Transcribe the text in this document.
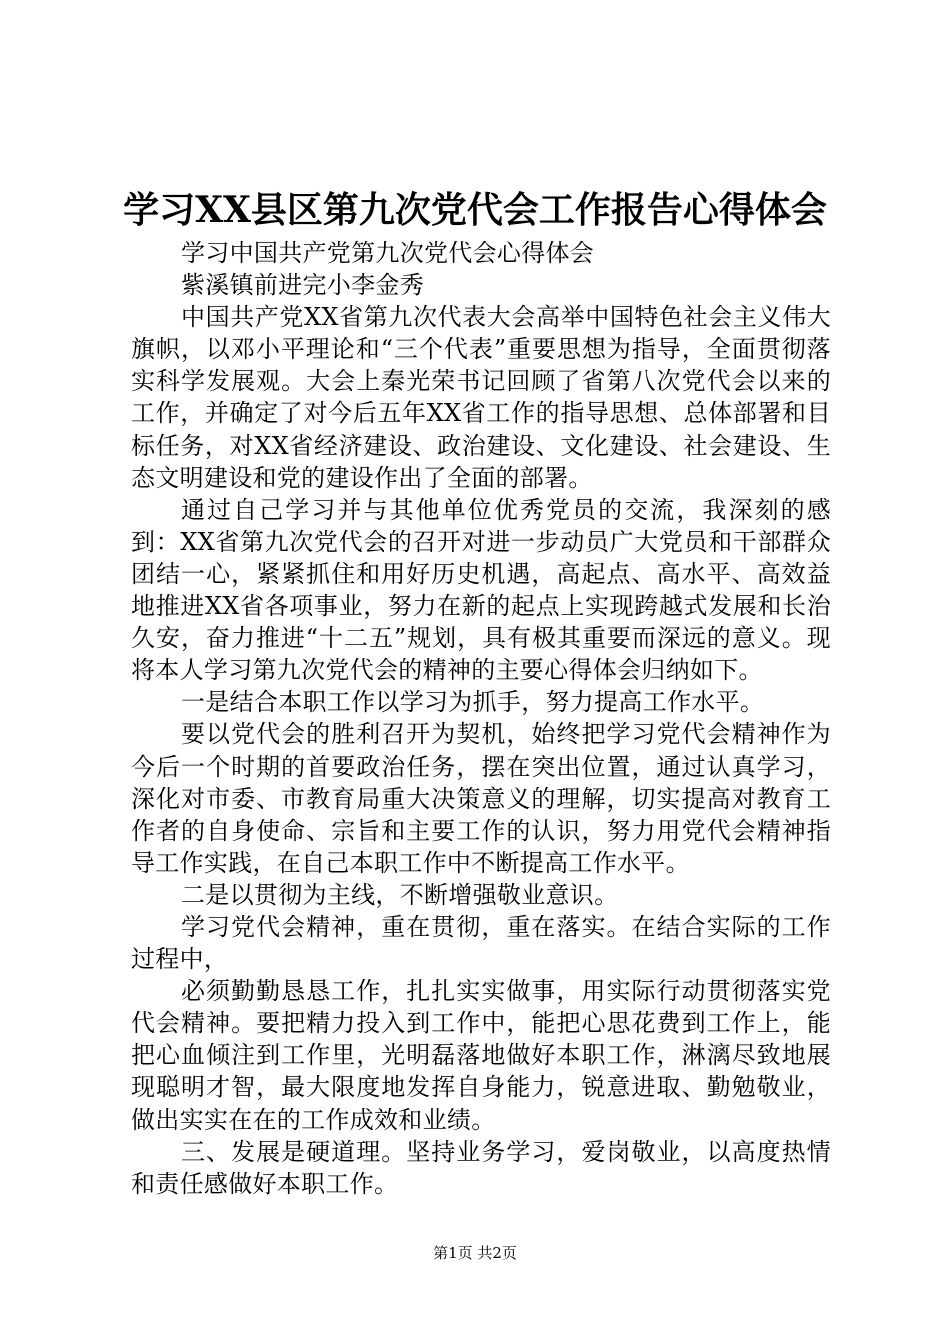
学习XX县区第九次党代会工作报告心得体会

学习中国共产党第九次党代会心得体会

紫溪镇前进完小李金秀

中国共产党XX省第九次代表大会高举中国特色社会主义伟大旗帜，以邓小平理论和“三个代表”重要思想为指导，全面贯彻落实科学发展观。大会上秦光荣书记回顾了省第八次党代会以来的工作，并确定了对今后五年XX省工作的指导思想、总体部署和目标任务，对XX省经济建设、政治建设、文化建设、社会建设、生态文明建设和党的建设作出了全面的部署。

通过自己学习并与其他单位优秀党员的交流，我深刻的感到：XX省第九次党代会的召开对进一步动员广大党员和干部群众团结一心，紧紧抓住和用好历史机遇，高起点、高水平、高效益地推进XX省各项事业，努力在新的起点上实现跨越式发展和长治久安，奋力推进“十二五”规划，具有极其重要而深远的意义。现将本人学习第九次党代会的精神的主要心得体会归纳如下。

一是结合本职工作以学习为抓手，努力提高工作水平。

要以党代会的胜利召开为契机，始终把学习党代会精神作为今后一个时期的首要政治任务，摆在突出位置，通过认真学习，深化对市委、市教育局重大决策意义的理解，切实提高对教育工作者的自身使命、宗旨和主要工作的认识，努力用党代会精神指导工作实践，在自己本职工作中不断提高工作水平。

二是以贯彻为主线，不断增强敬业意识。

学习党代会精神，重在贯彻，重在落实。在结合实际的工作过程中，

必须勤勤恳恳工作，扎扎实实做事，用实际行动贯彻落实党代会精神。要把精力投入到工作中，能把心思花费到工作上，能把心血倾注到工作里，光明磊落地做好本职工作，淋漓尽致地展现聪明才智，最大限度地发挥自身能力，锐意进取、勤勉敬业，做出实实在在的工作成效和业绩。

三、发展是硬道理。坚持业务学习，爱岗敬业，以高度热情和责任感做好本职工作。

第1页 共2页
